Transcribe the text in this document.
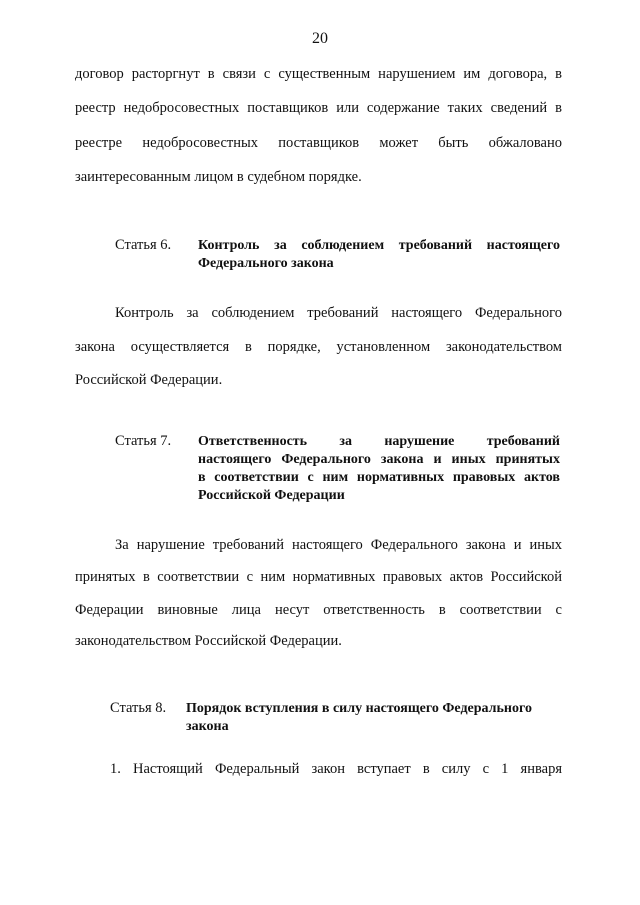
20
договор расторгнут в связи с существенным нарушением им договора, в
реестр недобросовестных поставщиков или содержание таких сведений в
реестре недобросовестных поставщиков может быть обжаловано
заинтересованным лицом в судебном порядке.
Статья 6. Контроль за соблюдением требований настоящего
Федерального закона
Контроль за соблюдением требований настоящего Федерального
закона осуществляется в порядке, установленном законодательством
Российской Федерации.
Статья 7. Ответственность за нарушение требований
настоящего Федерального закона и иных принятых
в соответствии с ним нормативных правовых актов
Российской Федерации
За нарушение требований настоящего Федерального закона и иных
принятых в соответствии с ним нормативных правовых актов Российской
Федерации виновные лица несут ответственность в соответствии с
законодательством Российской Федерации.
Статья 8. Порядок вступления в силу настоящего Федерального
закона
1. Настоящий Федеральный закон вступает в силу с 1 января
